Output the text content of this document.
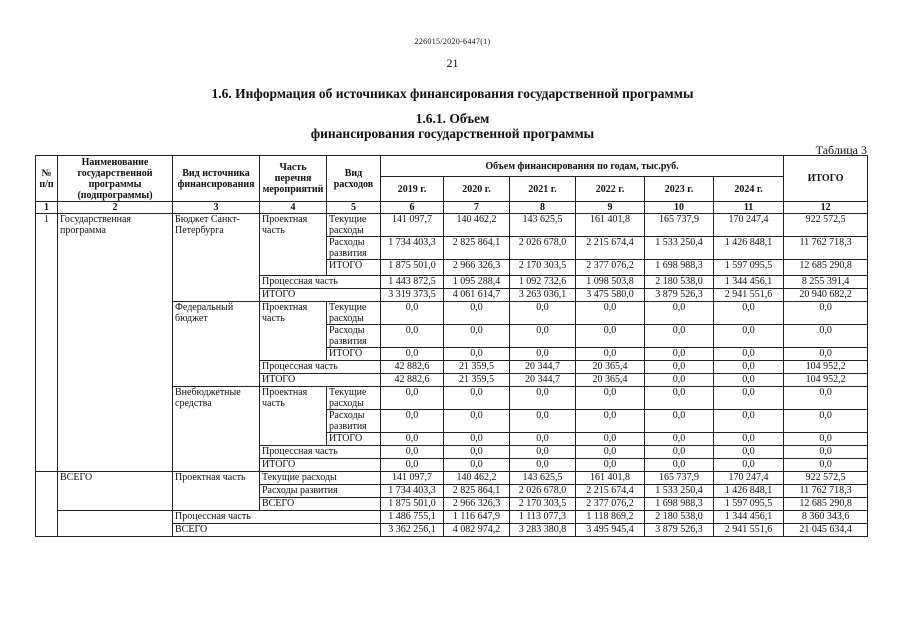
226015/2020-6447(1)
21
1.6. Информация об источниках финансирования государственной программы
1.6.1. Объем
финансирования государственной программы
Таблица 3
№ п/п	Наименование государственной программы (подпрограммы)	Вид источника финансирования	Часть перечня мероприятий	Вид расходов	Объем финансирования по годам, тыс.руб.						ИТОГО
					2019 г.	2020 г.	2021 г.	2022 г.	2023 г.	2024 г.	
1	2	3	4	5	6	7	8	9	10	11	12
1	Государственная программа	Бюджет Санкт-Петербурга	Проектная часть	Текущие расходы	141 097,7	140 462,2	143 625,5	161 401,8	165 737,9	170 247,4	922 572,5
				Расходы развития	1 734 403,3	2 825 864,1	2 026 678,0	2 215 674,4	1 533 250,4	1 426 848,1	11 762 718,3
				ИТОГО	1 875 501,0	2 966 326,3	2 170 303,5	2 377 076,2	1 698 988,3	1 597 095,5	12 685 290,8
			Процессная часть		1 443 872,5	1 095 288,4	1 092 732,6	1 098 503,8	2 180 538,0	1 344 456,1	8 255 391,4
			ИТОГО		3 319 373,5	4 061 614,7	3 263 036,1	3 475 580,0	3 879 526,3	2 941 551,6	20 940 682,2
		Федеральный бюджет	Проектная часть	Текущие расходы	0,0	0,0	0,0	0,0	0,0	0,0	0,0
				Расходы развития	0,0	0,0	0,0	0,0	0,0	0,0	0,0
				ИТОГО	0,0	0,0	0,0	0,0	0,0	0,0	0,0
			Процессная часть		42 882,6	21 359,5	20 344,7	20 365,4	0,0	0,0	104 952,2
			ИТОГО		42 882,6	21 359,5	20 344,7	20 365,4	0,0	0,0	104 952,2
		Внебюджетные средства	Проектная часть	Текущие расходы	0,0	0,0	0,0	0,0	0,0	0,0	0,0
				Расходы развития	0,0	0,0	0,0	0,0	0,0	0,0	0,0
				ИТОГО	0,0	0,0	0,0	0,0	0,0	0,0	0,0
			Процессная часть		0,0	0,0	0,0	0,0	0,0	0,0	0,0
			ИТОГО		0,0	0,0	0,0	0,0	0,0	0,0	0,0
	ВСЕГО	Проектная часть	Текущие расходы		141 097,7	140 462,2	143 625,5	161 401,8	165 737,9	170 247,4	922 572,5
			Расходы развития		1 734 403,3	2 825 864,1	2 026 678,0	2 215 674,4	1 533 250,4	1 426 848,1	11 762 718,3
			ВСЕГО		1 875 501,0	2 966 326,3	2 170 303,5	2 377 076,2	1 698 988,3	1 597 095,5	12 685 290,8
		Процессная часть			1 486 755,1	1 116 647,9	1 113 077,3	1 118 869,2	2 180 538,0	1 344 456,1	8 360 343,6
		ВСЕГО			3 362 256,1	4 082 974,2	3 283 380,8	3 495 945,4	3 879 526,3	2 941 551,6	21 045 634,4
